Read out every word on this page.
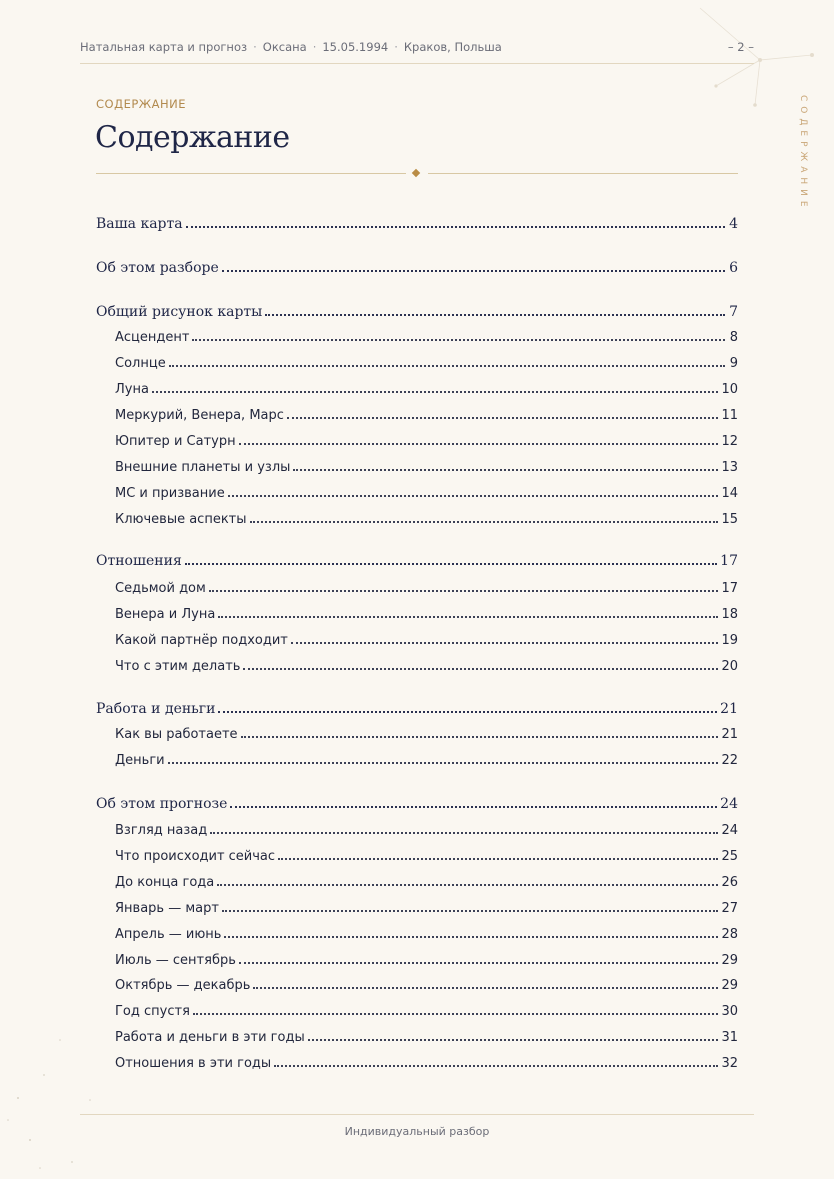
Натальная карта и прогноз · Оксана · 15.05.1994 · Краков, Польша	– 2 –
СОДЕРЖАНИЕ
СОДЕРЖАНИЕ
Содержание
Ваша карта	4
Об этом разборе	6
Общий рисунок карты	7
Асцендент	8
Солнце	9
Луна	10
Меркурий, Венера, Марс	11
Юпитер и Сатурн	12
Внешние планеты и узлы	13
MC и призвание	14
Ключевые аспекты	15
Отношения	17
Седьмой дом	17
Венера и Луна	18
Какой партнёр подходит	19
Что с этим делать	20
Работа и деньги	21
Как вы работаете	21
Деньги	22
Об этом прогнозе	24
Взгляд назад	24
Что происходит сейчас	25
До конца года	26
Январь — март	27
Апрель — июнь	28
Июль — сентябрь	29
Октябрь — декабрь	29
Год спустя	30
Работа и деньги в эти годы	31
Отношения в эти годы	32
Индивидуальный разбор
